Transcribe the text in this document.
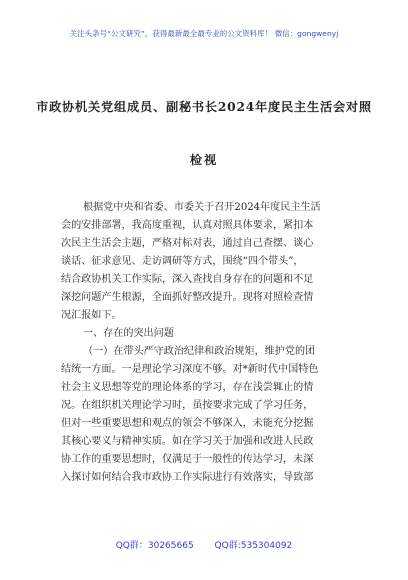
关注头条号“公文研究”，获得最新最全最专业的公文资料库！ 微信：gongwenyj
市政协机关党组成员、副秘书长2024年度民主生活会对照
检视
根据党中央和省委、市委关于召开2024年度民主生活
会的安排部署，我高度重视，认真对照具体要求，紧扣本
次民主生活会主题，严格对标对表，通过自己查摆、谈心
谈话、征求意见、走访调研等方式，围绕“四个带头”，
结合政协机关工作实际，深入查找自身存在的问题和不足
深挖问题产生根源，全面抓好整改提升。现将对照检查情
况汇报如下。
一、存在的突出问题
（一）在带头严守政治纪律和政治规矩，维护党的团
结统一方面。一是理论学习深度不够。对*新时代中国特色
社会主义思想等党的理论体系的学习，存在浅尝辄止的情
况。在组织机关理论学习时，虽按要求完成了学习任务，
但对一些重要思想和观点的领会不够深入，未能充分挖掘
其核心要义与精神实质。如在学习关于加强和改进人民政
协工作的重要思想时，仅满足于一般性的传达学习，未深
入探讨如何结合我市政协工作实际进行有效落实，导致部
QQ群：30265665 QQ群:535304092
